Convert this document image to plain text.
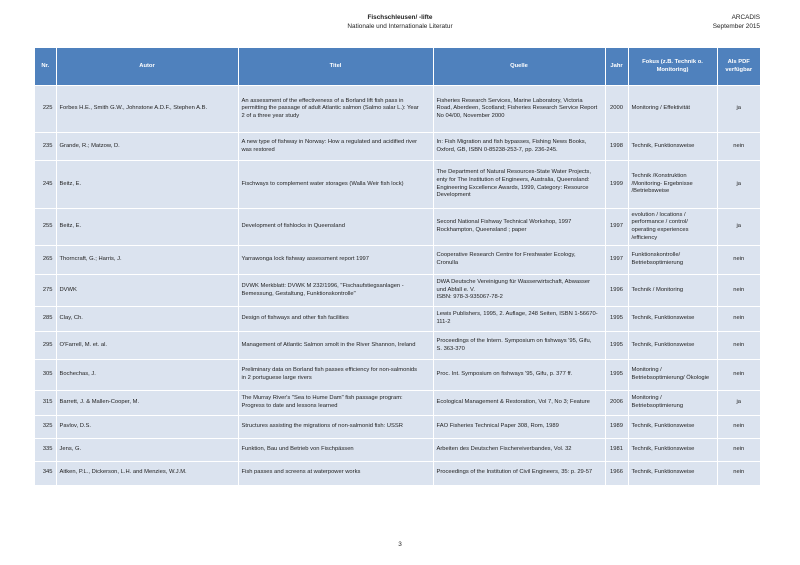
Fischschleusen/ -lifte
Nationale und Internationale Literatur
ARCADIS
September 2015
Nr.	Autor	Titel	Quelle	Jahr	Fokus (z.B. Technik o.
Monitoring)	Als PDF
verfügbar
225	Forbes H.E., Smith G.W., Johnstone A.D.F., Stephen A.B.	An assessment of the effectiveness of a Borland lift fish pass in
permitting the passage of adult Atlantic salmon (Salmo salar L.): Year
2 of a three year study	Fisheries Research Services, Marine Laboratory, Victoria
Road, Aberdeen, Scotland; Fisheries Research Service Report
No 04/00, November 2000	2000	Monitoring / Effektivität	ja
235	Grande, R.; Matzow, D.	A new type of fishway in Norway: How a regulated and acidified river
was restored	In: Fish Migration and fish bypasses, Fishing News Books,
Oxford, GB, ISBN 0-85238-253-7, pp. 236-245.	1998	Technik, Funktionsweise	nein
245	Beitz, E.	Fischways to complement water storages (Walla Weir fish lock)	The Department of Natural Resources-State Water Projects,
enty for The Institution of Engineers, Australia, Queensland:
Engineering Excellence Awards, 1999, Category: Resource
Development	1999	Technik /Konstruktion
/Monitoring- Ergebnisse
/Betriebsweise	ja
255	Beitz, E.	Development of fishlocks in Queensland	Second National Fishway Technical Workshop, 1997
Rockhampton, Queensland ; paper	1997	evolution / locations /
performance / control/
operating experiences
/efficiency	ja
265	Thorncraft, G.; Harris, J.	Yarrawonga lock fishway assessment report 1997	Cooperative Research Centre for Freshwater Ecology,
Cronulla	1997	Funktionskontrolle/
Betriebsoptimierung	nein
275	DVWK	DVWK Merkblatt: DVWK M 232/1996, "Fischaufstiegsanlagen -
Bemessung, Gestaltung, Funktionskontrolle"	DWA Deutsche Vereinigung für Wasserwirtschaft, Abwasser
und Abfall e. V.
ISBN: 978-3-935067-78-2	1996	Technik / Monitoring	nein
285	Clay, Ch.	Design of fishways and other fish facilities	Lewis Publishers, 1995, 2. Auflage, 248 Seiten, ISBN 1-56670-
111-2	1995	Technik, Funktionsweise	nein
295	O'Farrell, M. et. al.	Management of Atlantic Salmon smolt in the River Shannon, Ireland	Proceedings of the Intern. Symposium on fishways '95, Gifu,
S. 363-370	1995	Technik, Funktionsweise	nein
305	Bochechas, J.	Preliminary data on Borland fish passes efficiency for non-salmonids
in 2 portuguese large rivers	Proc. Int. Symposium on fishways '95, Gifu, p. 377 ff.	1995	Monitoring /
Betriebsoptimierung/ Ökologie	nein
315	Barrett, J. & Mallen-Cooper, M.	The Murray River's "Sea to Hume Dam" fish passage program:
Progress to date and lessons learned	Ecological Management & Restoration, Vol 7, No 3; Feature	2006	Monitoring /
Betriebsoptimierung	ja
325	Pavlov, D.S.	Structures assisting the migrations of non-salmonid fish: USSR	FAO Fisheries Technical Paper 308, Rom, 1989	1989	Technik, Funktionsweise	nein
335	Jens, G.	Funktion, Bau und Betrieb von Fischpässen	Arbeiten des Deutschen Fischereiverbandes, Vol. 32	1981	Technik, Funktionsweise	nein
345	Aitken, P.L., Dickerson, L.H. and Menzies, W.J.M.	Fish passes and screens at waterpower works	Proceedings of the Institution of Civil Engineers, 35: p. 29-57	1966	Technik, Funktionsweise	nein
3
